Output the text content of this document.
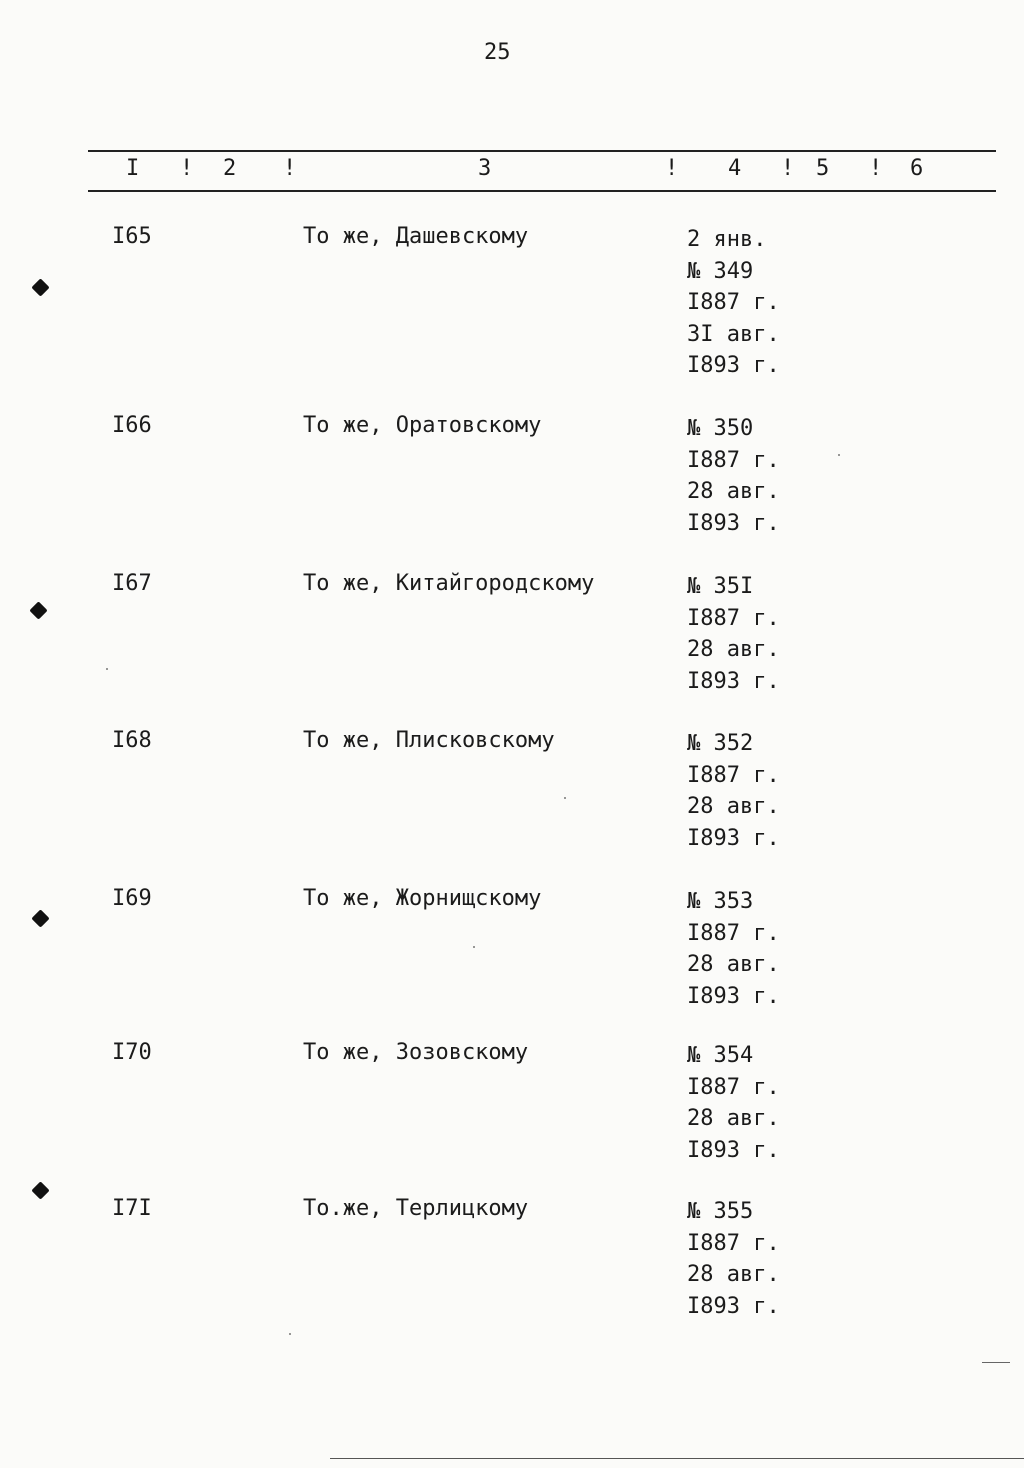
25
I ! 2 !	3	! 4 ! 5 ! 6
I65	То же, Дашевскому	2 янв.
№ 349
I887 г.
3I авг.
I893 г.
I66	То же, Оратовскому	№ 350
I887 г.
28 авг.
I893 г.
I67	То же, Китайгородскому	№ 35I
I887 г.
28 авг.
I893 г.
I68	То же, Плисковскому	№ 352
I887 г.
28 авг.
I893 г.
I69	То же, Жорнищскому	№ 353
I887 г.
28 авг.
I893 г.
I70	То же, Зозовскому	№ 354
I887 г.
28 авг.
I893 г.
I7I	То.же, Терлицкому	№ 355
I887 г.
28 авг.
I893 г.
